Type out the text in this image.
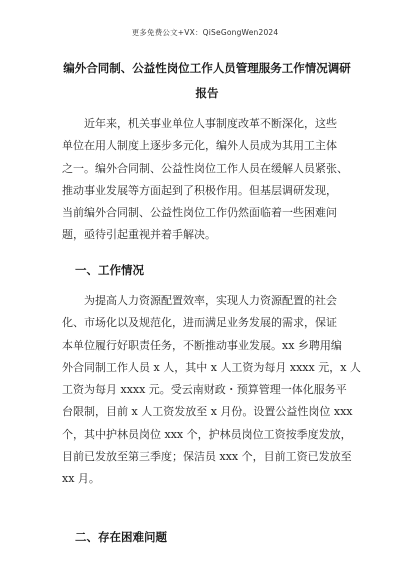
更多免费公文+VX：QiSeGongWen2024
编外合同制、公益性岗位工作人员管理服务工作情况调研
报告

　　近年来，机关事业单位人事制度改革不断深化，这些
单位在用人制度上逐步多元化，编外人员成为其用工主体
之一。编外合同制、公益性岗位工作人员在缓解人员紧张、
推动事业发展等方面起到了积极作用。但基层调研发现，
当前编外合同制、公益性岗位工作仍然面临着一些困难问
题，亟待引起重视并着手解决。

一、工作情况

　　为提高人力资源配置效率，实现人力资源配置的社会
化、市场化以及规范化，进而满足业务发展的需求，保证
本单位履行好职责任务，不断推动事业发展。xx 乡聘用编
外合同制工作人员 x 人，其中 x 人工资为每月 xxxx 元，x 人
工资为每月 xxxx 元。受云南财政・预算管理一体化服务平
台限制，目前 x 人工资发放至 x 月份。设置公益性岗位 xxx
个，其中护林员岗位 xxx 个，护林员岗位工资按季度发放，
目前已发放至第三季度；保洁员 xxx 个，目前工资已发放至
xx 月。

二、存在困难问题
